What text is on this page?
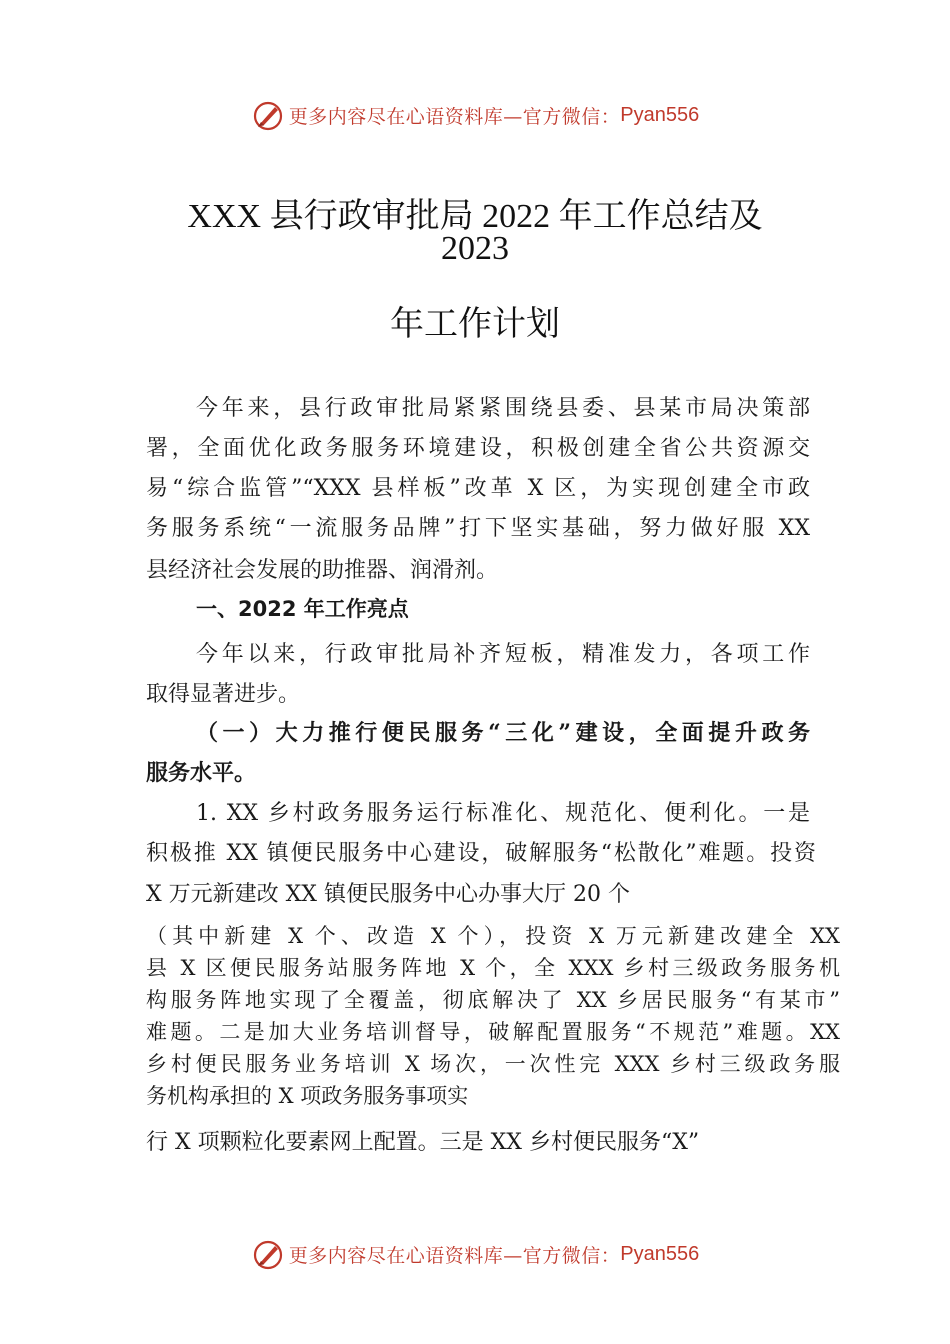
更多内容尽在心语资料库—官方微信： Pyan556
XXX 县行政审批局 2022 年工作总结及
2023
年工作计划
今年来，县行政审批局紧紧围绕县委、县某市局决策部
署，全面优化政务服务环境建设，积极创建全省公共资源交
易“综合监管”“XXX 县样板”改革 X 区，为实现创建全市政
务服务系统“一流服务品牌”打下坚实基础，努力做好服 XX
县经济社会发展的助推器、润滑剂。
一、2022 年工作亮点
今年以来，行政审批局补齐短板，精准发力，各项工作
取得显著进步。
（一）大力推行便民服务“三化”建设，全面提升政务
服务水平。
1. XX 乡村政务服务运行标准化、规范化、便利化。一是
积极推 XX 镇便民服务中心建设，破解服务“松散化”难题。投资
X 万元新建改 XX 镇便民服务中心办事大厅 20 个
（其中新建 X 个、改造 X 个），投资 X 万元新建改建全 XX
县 X 区便民服务站服务阵地 X 个，全 XXX 乡村三级政务服务机
构服务阵地实现了全覆盖，彻底解决了 XX 乡居民服务“有某市”
难题。二是加大业务培训督导，破解配置服务“不规范”难题。XX
乡村便民服务业务培训 X 场次，一次性完 XXX 乡村三级政务服
务机构承担的 X 项政务服务事项实
行 X 项颗粒化要素网上配置。三是 XX 乡村便民服务“X”
更多内容尽在心语资料库—官方微信： Pyan556
